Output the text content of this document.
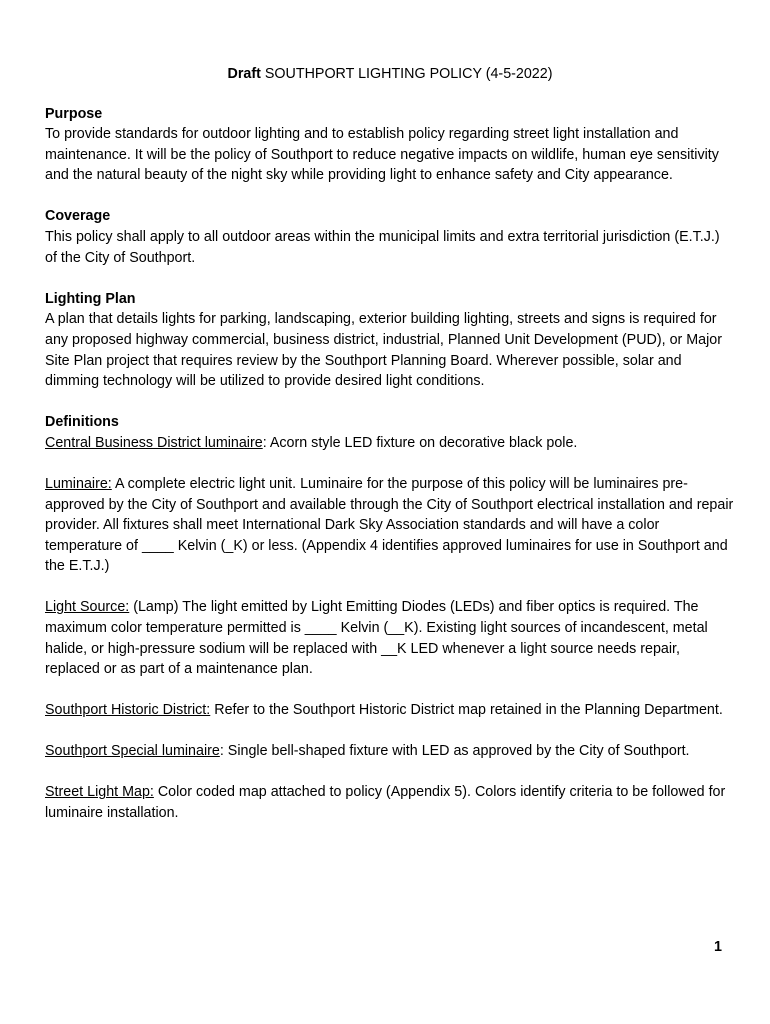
Draft SOUTHPORT LIGHTING POLICY (4-5-2022)
Purpose

To provide standards for outdoor lighting and to establish policy regarding street light installation and maintenance. It will be the policy of Southport to reduce negative impacts on wildlife, human eye sensitivity and the natural beauty of the night sky while providing light to enhance safety and City appearance.

Coverage

This policy shall apply to all outdoor areas within the municipal limits and extra territorial jurisdiction (E.T.J.) of the City of Southport.

Lighting Plan

A plan that details lights for parking, landscaping, exterior building lighting, streets and signs is required for any proposed highway commercial, business district, industrial, Planned Unit Development (PUD), or Major Site Plan project that requires review by the Southport Planning Board. Wherever possible, solar and dimming technology will be utilized to provide desired light conditions.

Definitions

Central Business District luminaire: Acorn style LED fixture on decorative black pole.

Luminaire: A complete electric light unit. Luminaire for the purpose of this policy will be luminaires pre-approved by the City of Southport and available through the City of Southport electrical installation and repair provider. All fixtures shall meet International Dark Sky Association standards and will have a color temperature of ____ Kelvin (_K) or less. (Appendix 4 identifies approved luminaires for use in Southport and the E.T.J.)

Light Source: (Lamp) The light emitted by Light Emitting Diodes (LEDs) and fiber optics is required. The maximum color temperature permitted is ____ Kelvin (__K). Existing light sources of incandescent, metal halide, or high-pressure sodium will be replaced with __K LED whenever a light source needs repair, replaced or as part of a maintenance plan.

Southport Historic District: Refer to the Southport Historic District map retained in the Planning Department.

Southport Special luminaire: Single bell-shaped fixture with LED as approved by the City of Southport.

Street Light Map: Color coded map attached to policy (Appendix 5). Colors identify criteria to be followed for luminaire installation.

1
